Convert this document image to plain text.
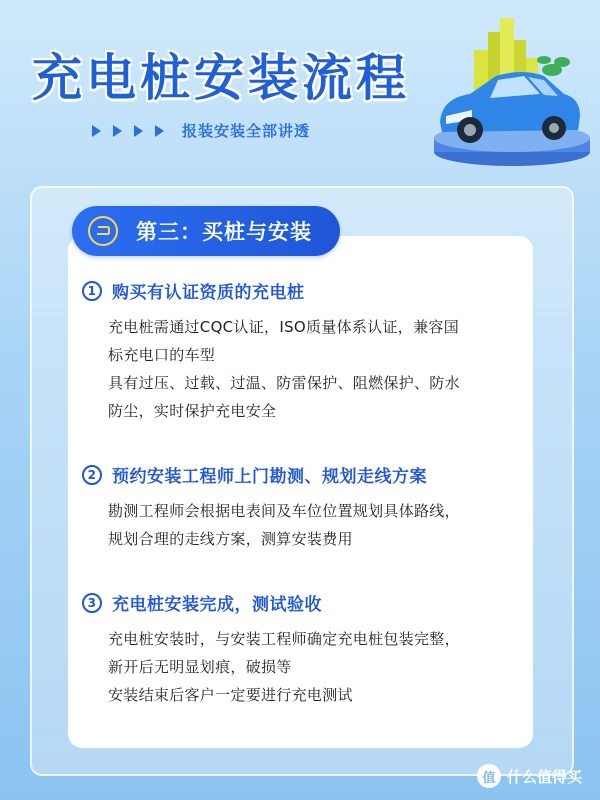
充电桩安装流程
报装安装全部讲透
第三：买桩与安装
1 购买有认证资质的充电桩
充电桩需通过CQC认证，ISO质量体系认证，兼容国
标充电口的车型
具有过压、过载、过温、防雷保护、阻燃保护、防水
防尘，实时保护充电安全
2 预约安装工程师上门勘测、规划走线方案
勘测工程师会根据电表间及车位位置规划具体路线，
规划合理的走线方案，测算安装费用
3 充电桩安装完成，测试验收
充电桩安装时，与安装工程师确定充电桩包装完整，
新开后无明显划痕，破损等
安装结束后客户一定要进行充电测试
值 什么值得买
